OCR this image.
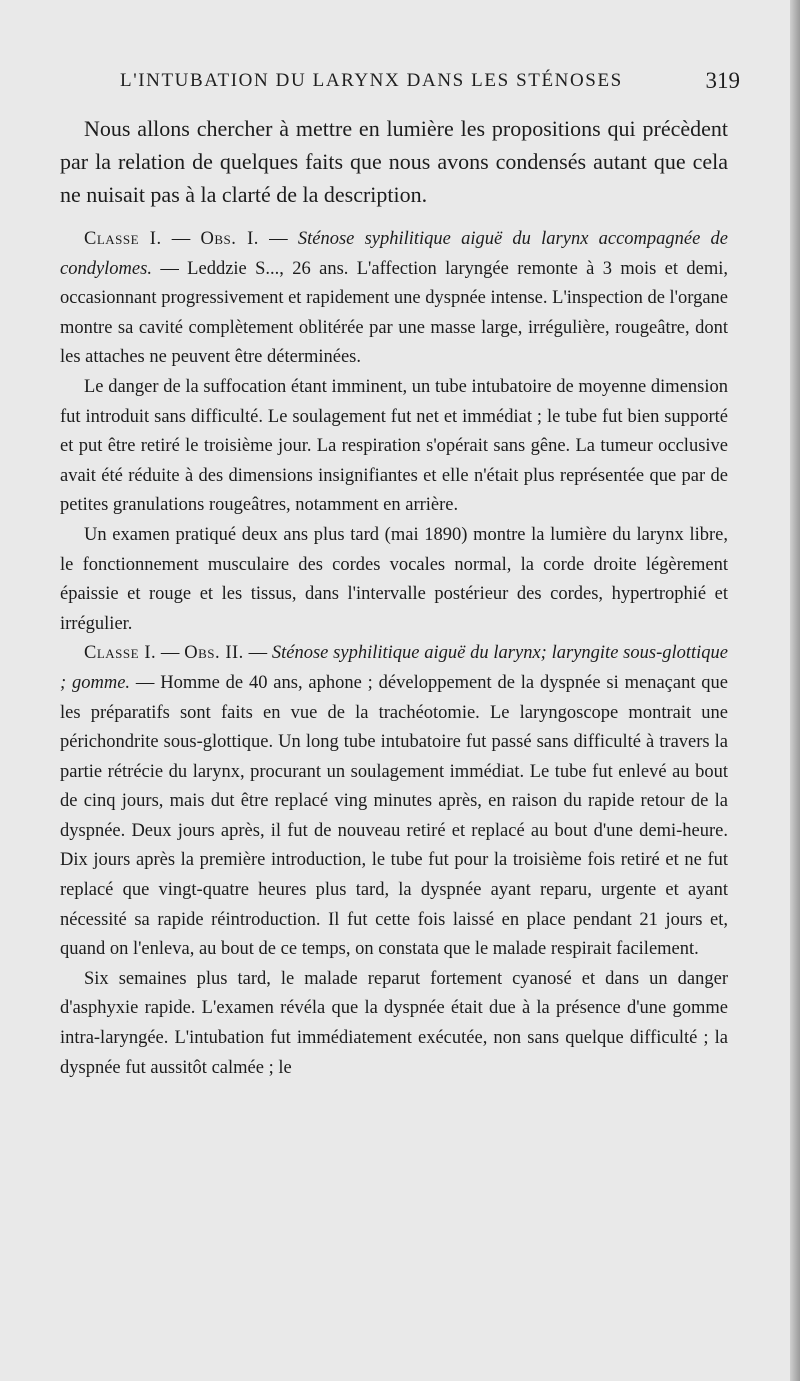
L'INTUBATION DU LARYNX DANS LES STÉNOSES	319

Nous allons chercher à mettre en lumière les propositions qui précèdent par la relation de quelques faits que nous avons condensés autant que cela ne nuisait pas à la clarté de la description.

Classe I. — Obs. I. — Sténose syphilitique aiguë du larynx accompagnée de condylomes. — Leddzie S..., 26 ans. L'affection laryngée remonte à 3 mois et demi, occasionnant progressivement et rapidement une dyspnée intense. L'inspection de l'organe montre sa cavité complètement oblitérée par une masse large, irrégulière, rougeâtre, dont les attaches ne peuvent être déterminées.

Le danger de la suffocation étant imminent, un tube intubatoire de moyenne dimension fut introduit sans difficulté. Le soulagement fut net et immédiat ; le tube fut bien supporté et put être retiré le troisième jour. La respiration s'opérait sans gêne. La tumeur occlusive avait été réduite à des dimensions insignifiantes et elle n'était plus représentée que par de petites granulations rougeâtres, notamment en arrière.

Un examen pratiqué deux ans plus tard (mai 1890) montre la lumière du larynx libre, le fonctionnement musculaire des cordes vocales normal, la corde droite légèrement épaissie et rouge et les tissus, dans l'intervalle postérieur des cordes, hypertrophié et irrégulier.

Classe I. — Obs. II. — Sténose syphilitique aiguë du larynx; laryngite sous-glottique ; gomme. — Homme de 40 ans, aphone ; développement de la dyspnée si menaçant que les préparatifs sont faits en vue de la trachéotomie. Le laryngoscope montrait une périchondrite sous-glottique. Un long tube intubatoire fut passé sans difficulté à travers la partie rétrécie du larynx, procurant un soulagement immédiat. Le tube fut enlevé au bout de cinq jours, mais dut être replacé ving minutes après, en raison du rapide retour de la dyspnée. Deux jours après, il fut de nouveau retiré et replacé au bout d'une demi-heure. Dix jours après la première introduction, le tube fut pour la troisième fois retiré et ne fut replacé que vingt-quatre heures plus tard, la dyspnée ayant reparu, urgente et ayant nécessité sa rapide réintroduction. Il fut cette fois laissé en place pendant 21 jours et, quand on l'enleva, au bout de ce temps, on constata que le malade respirait facilement.

Six semaines plus tard, le malade reparut fortement cyanosé et dans un danger d'asphyxie rapide. L'examen révéla que la dyspnée était due à la présence d'une gomme intra-laryngée. L'intubation fut immédiatement exécutée, non sans quelque difficulté ; la dyspnée fut aussitôt calmée ; le
